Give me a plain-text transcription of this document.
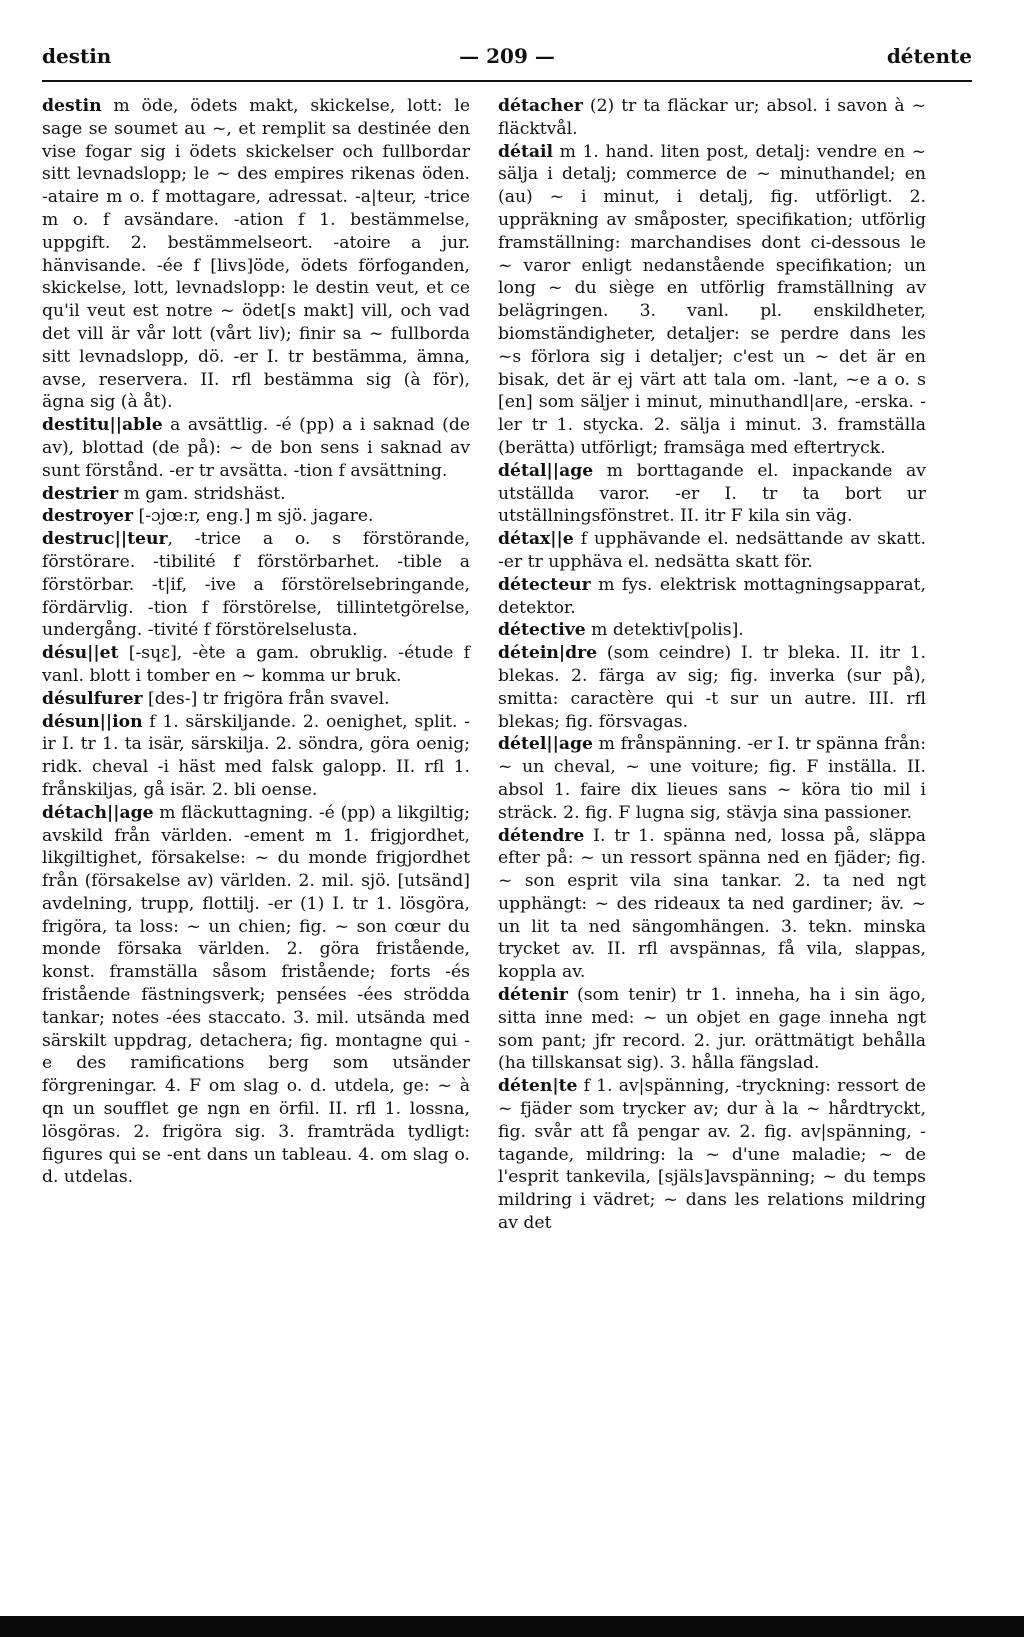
destin	— 209 —	détente

destin m öde, ödets makt, skickelse, lott: le sage se soumet au ~, et remplit sa destinée den vise fogar sig i ödets skickelser och fullbordar sitt levnadslopp; le ~ des empires rikenas öden. -ataire m o. f mottagare, adressat. -a|teur, -trice m o. f avsändare. -ation f 1. bestämmelse, uppgift. 2. bestämmelseort. -atoire a jur. hänvisande. -ée f [livs]öde, ödets förfoganden, skickelse, lott, levnadslopp: le destin veut, et ce qu'il veut est notre ~ ödet[s makt] vill, och vad det vill är vår lott (vårt liv); finir sa ~ fullborda sitt levnadslopp, dö. -er I. tr bestämma, ämna, avse, reservera. II. rfl bestämma sig (à för), ägna sig (à åt).

destitu||able a avsättlig. -é (pp) a i saknad (de av), blottad (de på): ~ de bon sens i saknad av sunt förstånd. -er tr avsätta. -tion f avsättning.

destrier m gam. stridshäst.

destroyer [-ɔjœ:r, eng.] m sjö. jagare.

destruc||teur, -trice a o. s förstörande, förstörare. -tibilité f förstörbarhet. -tible a förstörbar. -t|if, -ive a förstörelsebringande, fördärvlig. -tion f förstörelse, tillintetgörelse, undergång. -tivité f förstörelselusta.

désu||et [-sɥɛ], -ète a gam. obruklig. -étude f vanl. blott i tomber en ~ komma ur bruk.

désulfurer [des-] tr frigöra från svavel.

désun||ion f 1. särskiljande. 2. oenighet, split. -ir I. tr 1. ta isär, särskilja. 2. söndra, göra oenig; ridk. cheval -i häst med falsk galopp. II. rfl 1. frånskiljas, gå isär. 2. bli oense.

détach||age m fläckuttagning. -é (pp) a likgiltig; avskild från världen. -ement m 1. frigjordhet, likgiltighet, försakelse: ~ du monde frigjordhet från (försakelse av) världen. 2. mil. sjö. [utsänd] avdelning, trupp, flottilj. -er (1) I. tr 1. lösgöra, frigöra, ta loss: ~ un chien; fig. ~ son cœur du monde försaka världen. 2. göra fristående, konst. framställa såsom fristående; forts -és fristående fästningsverk; pensées -ées strödda tankar; notes -ées staccato. 3. mil. utsända med särskilt uppdrag, detachera; fig. montagne qui -e des ramifications berg som utsänder förgreningar. 4. F om slag o. d. utdela, ge: ~ à qn un soufflet ge ngn en örfil. II. rfl 1. lossna, lösgöras. 2. frigöra sig. 3. framträda tydligt: figures qui se -ent dans un tableau. 4. om slag o. d. utdelas.

détacher (2) tr ta fläckar ur; absol. i savon à ~ fläcktvål.

détail m 1. hand. liten post, detalj: vendre en ~ sälja i detalj; commerce de ~ minuthandel; en (au) ~ i minut, i detalj, fig. utförligt. 2. uppräkning av småposter, specifikation; utförlig framställning: marchandises dont ci-dessous le ~ varor enligt nedanstående specifikation; un long ~ du siège en utförlig framställning av belägringen. 3. vanl. pl. enskildheter, biomständigheter, detaljer: se perdre dans les ~s förlora sig i detaljer; c'est un ~ det är en bisak, det är ej värt att tala om. -lant, ~e a o. s [en] som säljer i minut, minuthandl|are, -erska. -ler tr 1. stycka. 2. sälja i minut. 3. framställa (berätta) utförligt; framsäga med eftertryck.

détal||age m borttagande el. inpackande av utställda varor. -er I. tr ta bort ur utställningsfönstret. II. itr F kila sin väg.

détax||e f upphävande el. nedsättande av skatt. -er tr upphäva el. nedsätta skatt för.

détecteur m fys. elektrisk mottagningsapparat, detektor.

détective m detektiv[polis].

détein|dre (som ceindre) I. tr bleka. II. itr 1. blekas. 2. färga av sig; fig. inverka (sur på), smitta: caractère qui -t sur un autre. III. rfl blekas; fig. försvagas.

détel||age m frånspänning. -er I. tr spänna från: ~ un cheval, ~ une voiture; fig. F inställa. II. absol 1. faire dix lieues sans ~ köra tio mil i sträck. 2. fig. F lugna sig, stävja sina passioner.

détendre I. tr 1. spänna ned, lossa på, släppa efter på: ~ un ressort spänna ned en fjäder; fig. ~ son esprit vila sina tankar. 2. ta ned ngt upphängt: ~ des rideaux ta ned gardiner; äv. ~ un lit ta ned sängomhängen. 3. tekn. minska trycket av. II. rfl avspännas, få vila, slappas, koppla av.

détenir (som tenir) tr 1. inneha, ha i sin ägo, sitta inne med: ~ un objet en gage inneha ngt som pant; jfr record. 2. jur. orättmätigt behålla (ha tillskansat sig). 3. hålla fängslad.

déten|te f 1. av|spänning, -tryckning: ressort de ~ fjäder som trycker av; dur à la ~ hårdtryckt, fig. svår att få pengar av. 2. fig. av|spänning, -tagande, mildring: la ~ d'une maladie; ~ de l'esprit tankevila, [själs]avspänning; ~ du temps mildring i vädret; ~ dans les relations mildring av det
